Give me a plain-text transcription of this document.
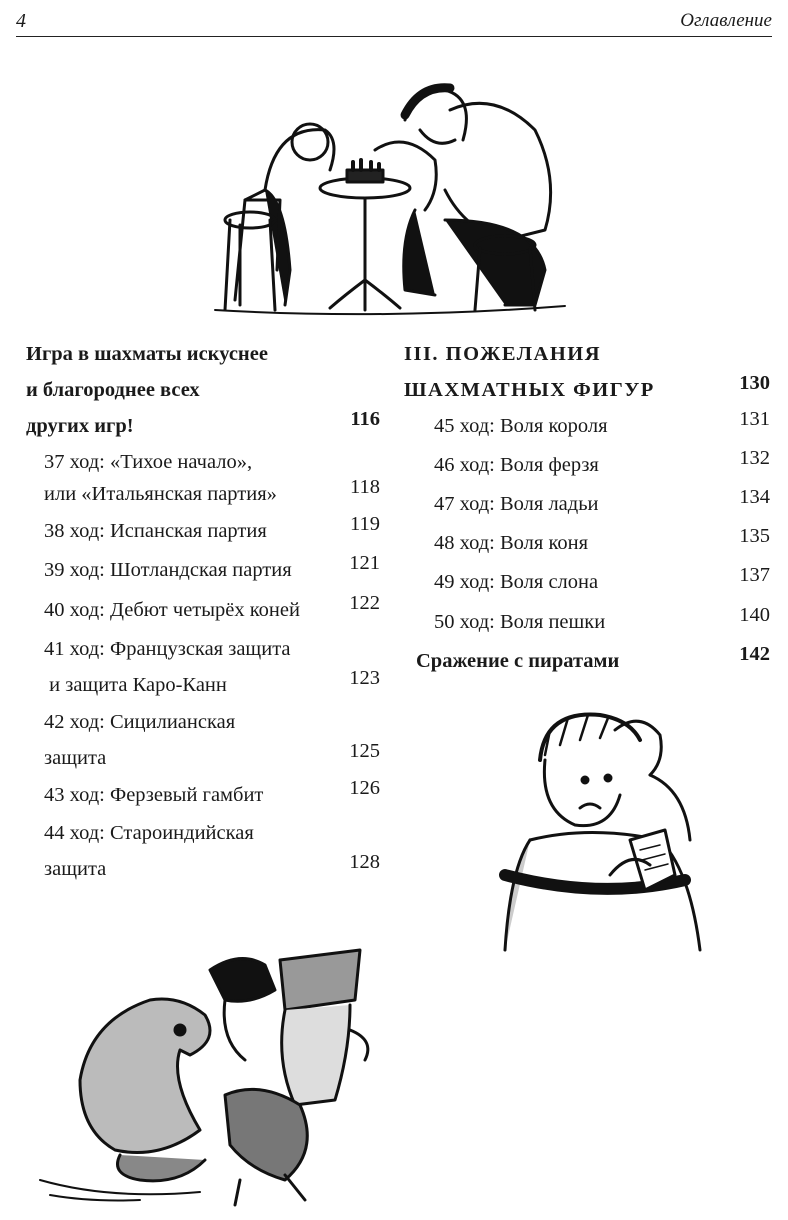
4	Оглавление
Игра в шахматы искуснее
и благороднее всех
других игр!	116
37 ход: «Тихое начало»,
или «Итальянская партия»	118
38 ход: Испанская партия	119
39 ход: Шотландская партия	121
40 ход: Дебют четырёх коней	122
41 ход: Французская защита
и защита Каро-Канн	123
42 ход: Сицилианская
защита	125
43 ход: Ферзевый гамбит	126
44 ход: Староиндийская
защита	128
III. ПОЖЕЛАНИЯ
ШАХМАТНЫХ ФИГУР	130
45 ход: Воля короля	131
46 ход: Воля ферзя	132
47 ход: Воля ладьи	134
48 ход: Воля коня	135
49 ход: Воля слона	137
50 ход: Воля пешки	140
Сражение с пиратами	142
